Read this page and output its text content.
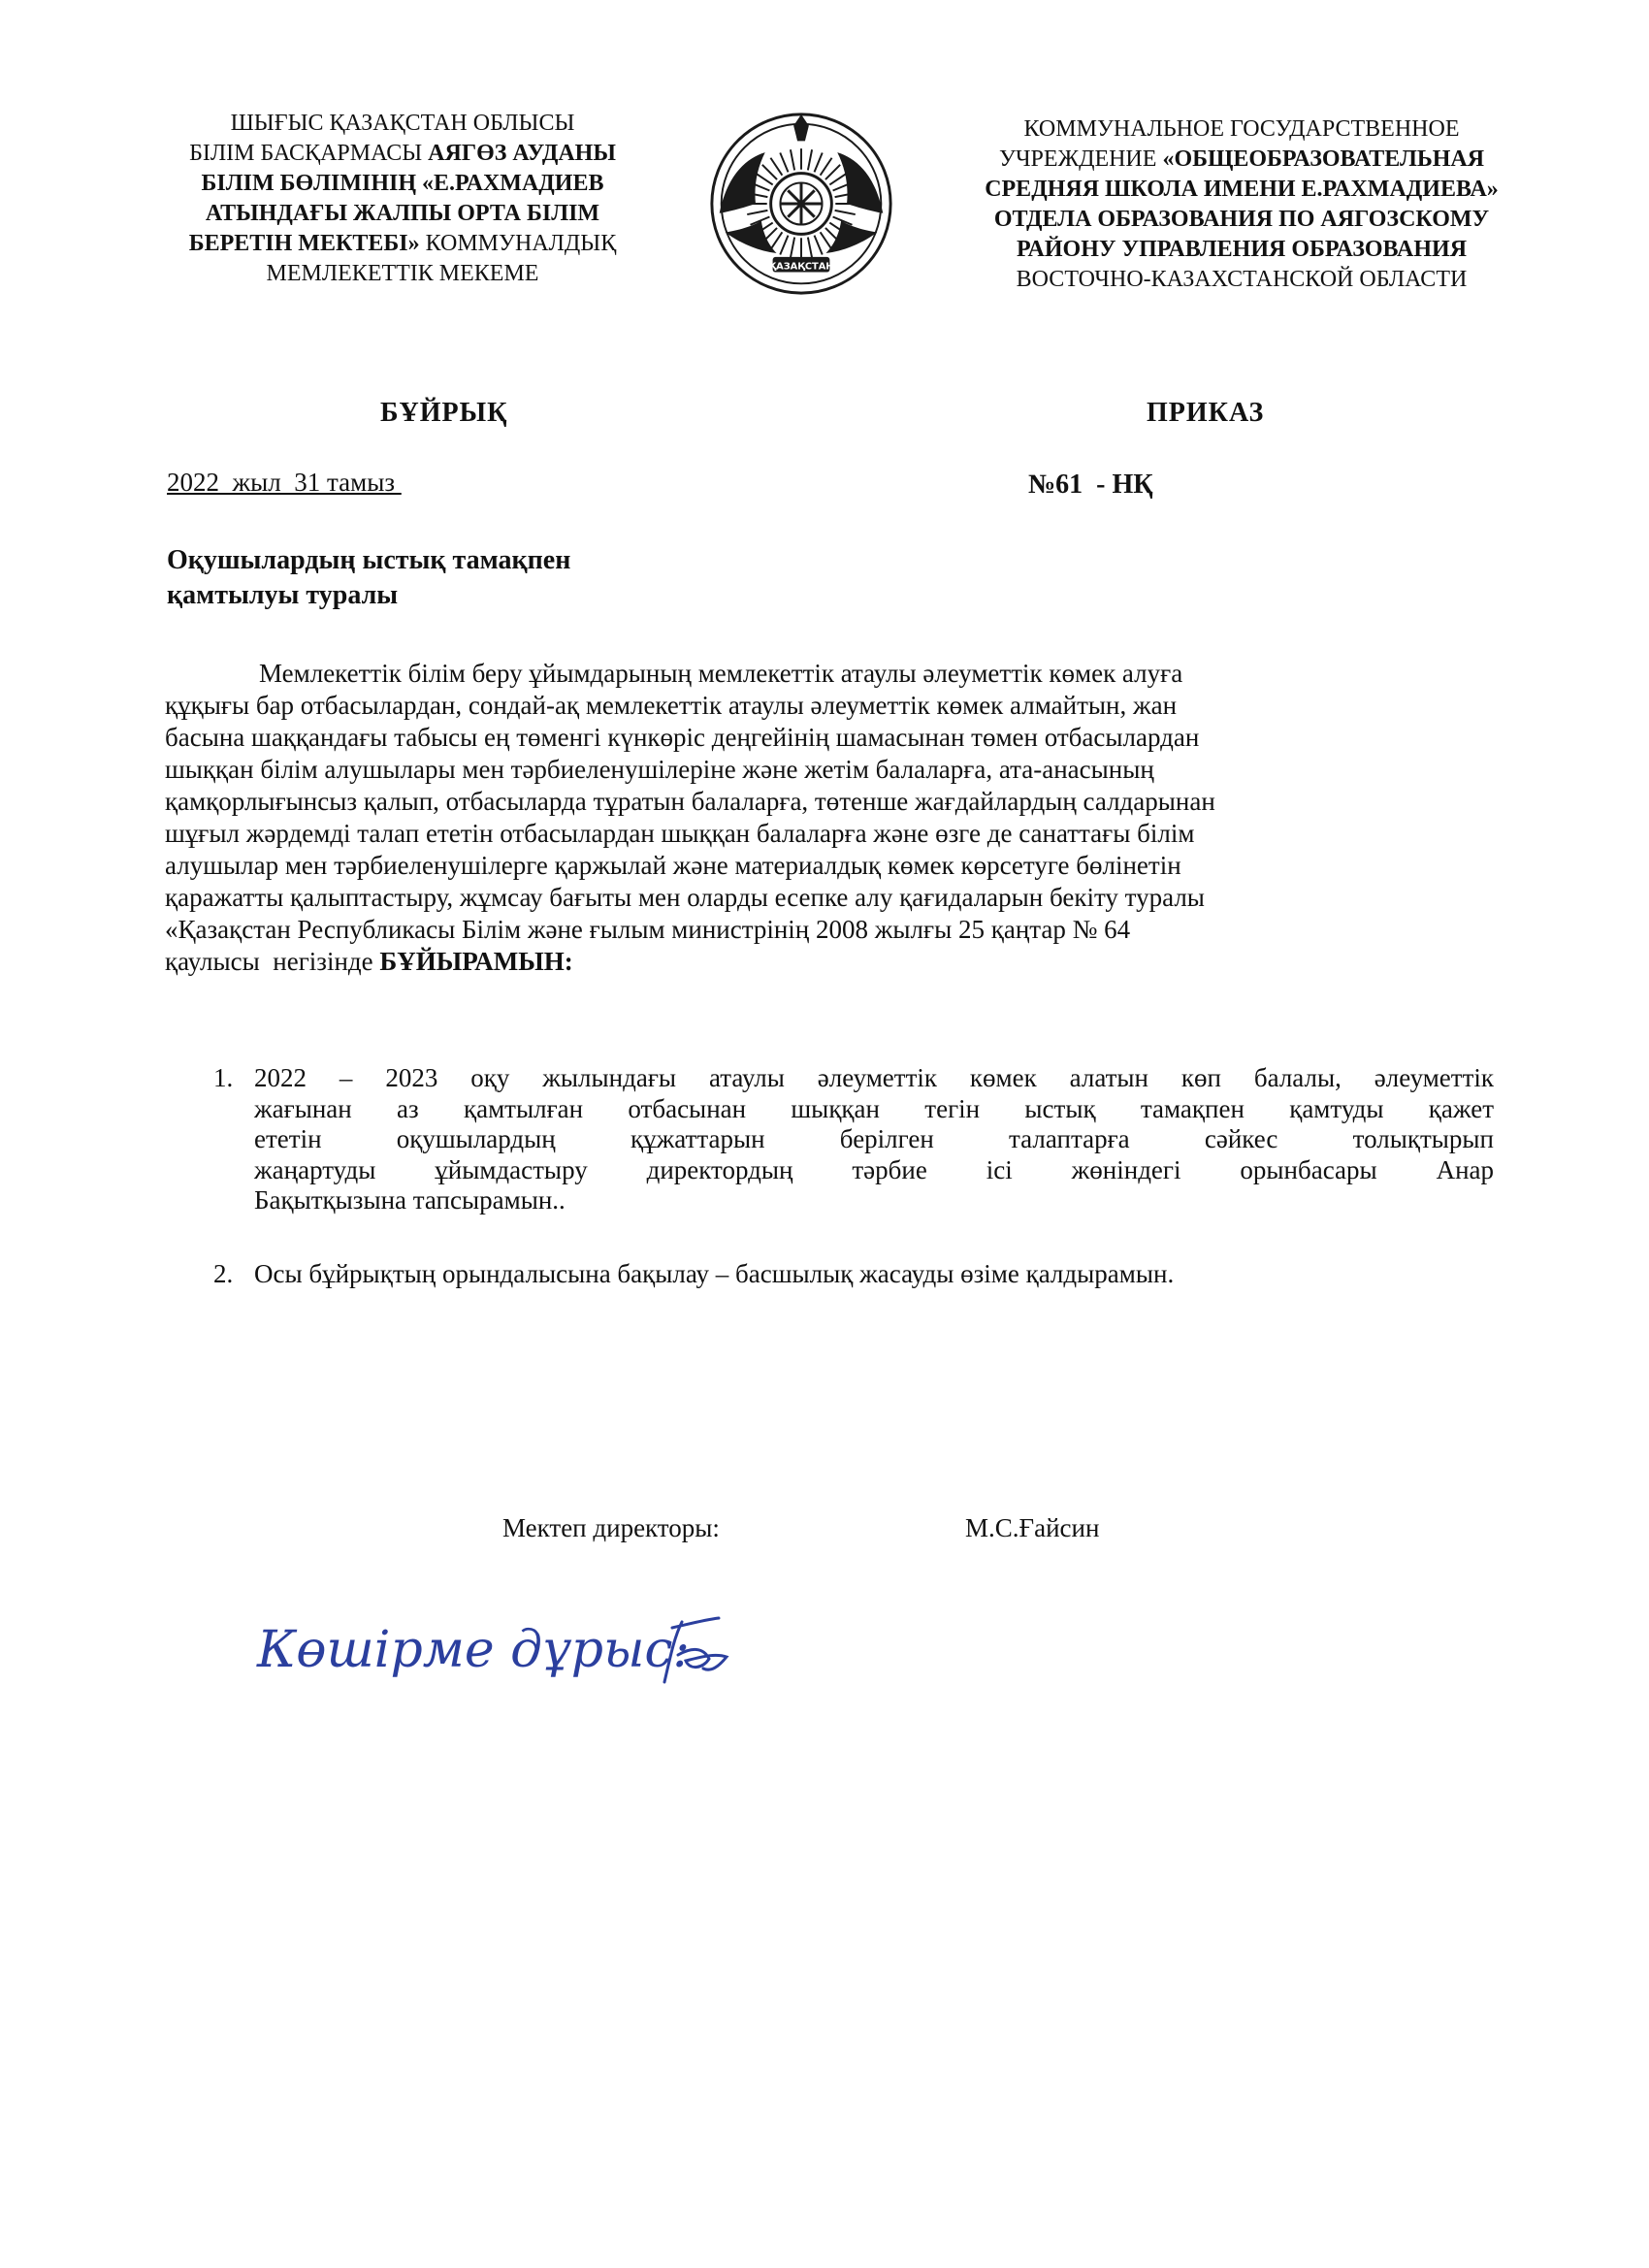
ШЫҒЫС ҚАЗАҚСТАН ОБЛЫСЫ
БІЛІМ БАСҚАРМАСЫ АЯГӨЗ АУДАНЫ
БІЛІМ БӨЛІМІНІҢ «Е.РАХМАДИЕВ
АТЫНДАҒЫ ЖАЛПЫ ОРТА БІЛІМ
БЕРЕТІН МЕКТЕБІ» КОММУНАЛДЫҚ
МЕМЛЕКЕТТІК МЕКЕМЕ	ҚАЗАҚСТАН
КОММУНАЛЬНОЕ ГОСУДАРСТВЕННОЕ
УЧРЕЖДЕНИЕ «ОБЩЕОБРАЗОВАТЕЛЬНАЯ
СРЕДНЯЯ ШКОЛА ИМЕНИ Е.РАХМАДИЕВА»
ОТДЕЛА ОБРАЗОВАНИЯ ПО АЯГОЗСКОМУ
РАЙОНУ УПРАВЛЕНИЯ ОБРАЗОВАНИЯ
ВОСТОЧНО-КАЗАХСТАНСКОЙ ОБЛАСТИ
БҰЙРЫҚ	ПРИКАЗ
2022  жыл  31 тамыз	№61  - НҚ
Оқушылардың ыстық тамақпен
қамтылуы туралы
Мемлекеттік білім беру ұйымдарының мемлекеттік атаулы әлеуметтік көмек алуға
құқығы бар отбасылардан, сондай-ақ мемлекеттік атаулы әлеуметтік көмек алмайтын, жан
басына шаққандағы табысы ең төменгі күнкөріс деңгейінің шамасынан төмен отбасылардан
шыққан білім алушылары мен тәрбиеленушілеріне және жетім балаларға, ата-анасының
қамқорлығынсыз қалып, отбасыларда тұратын балаларға, төтенше жағдайлардың салдарынан
шұғыл жәрдемді талап ететін отбасылардан шыққан балаларға және өзге де санаттағы білім
алушылар мен тәрбиеленушілерге қаржылай және материалдық көмек көрсетуге бөлінетін
қаражатты қалыптастыру, жұмсау бағыты мен оларды есепке алу қағидаларын бекіту туралы
«Қазақстан Республикасы Білім және ғылым министрінің 2008 жылғы 25 қаңтар № 64
қаулысы  негізінде БҰЙЫРАМЫН:
1. 2022 – 2023 оқу жылындағы атаулы әлеуметтік көмек алатын көп балалы, әлеуметтік
жағынан аз қамтылған отбасынан шыққан тегін ыстық тамақпен қамтуды қажет
ететін оқушылардың құжаттарын берілген талаптарға сәйкес толықтырып
жаңартуды ұйымдастыру директордың тәрбие ісі жөніндегі орынбасары Анар
Бақытқызына тапсырамын..
2. Осы бұйрықтың орындалысына бақылау – басшылық жасауды өзіме қалдырамын.
Мектеп директоры:	М.С.Ғайсин
Көшірме дұрыс:
